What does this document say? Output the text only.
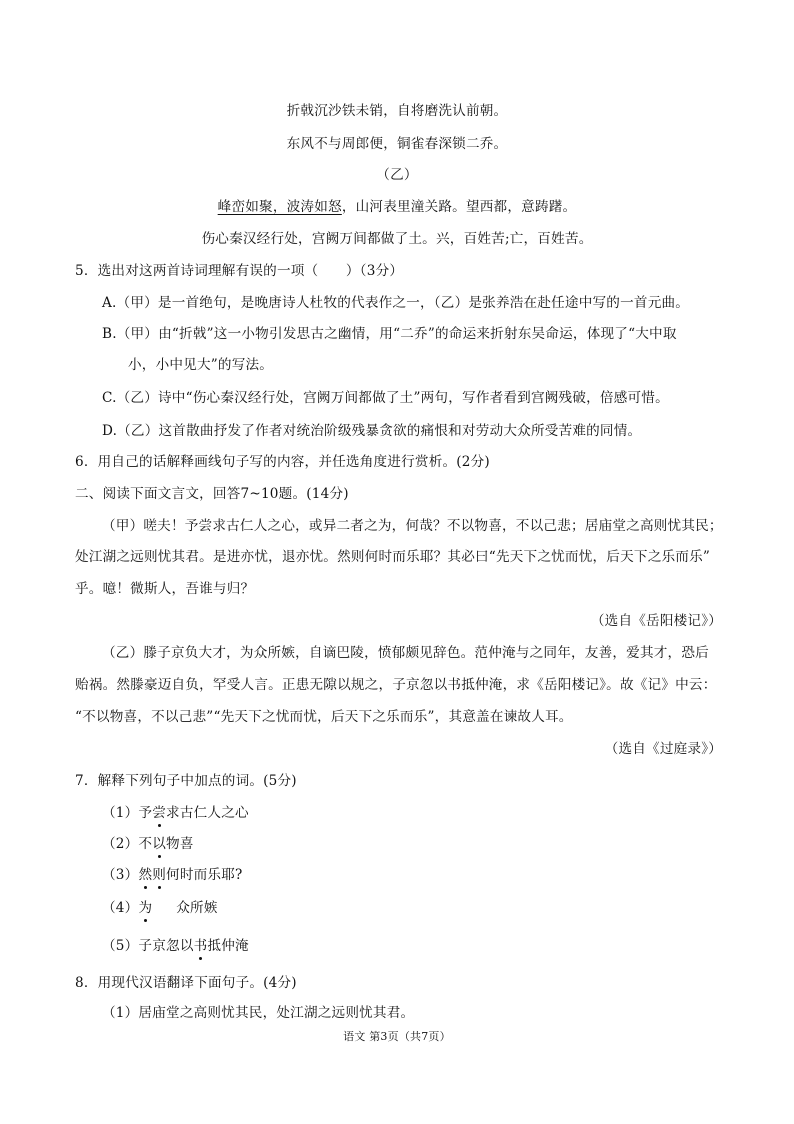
折戟沉沙铁未销，自将磨洗认前朝。
东风不与周郎便，铜雀春深锁二乔。
（乙）
峰峦如聚，波涛如怒，山河表里潼关路。望西都，意踌躇。
伤心秦汉经行处，宫阙万间都做了土。兴，百姓苦;亡，百姓苦。
5．选出对这两首诗词理解有误的一项（　　）（3分）
A.（甲）是一首绝句，是晚唐诗人杜牧的代表作之一，（乙）是张养浩在赴任途中写的一首元曲。
B.（甲）由“折戟”这一小物引发思古之幽情，用“二乔”的命运来折射东吴命运，体现了“大中取
小，小中见大”的写法。
C.（乙）诗中“伤心秦汉经行处，宫阙万间都做了土”两句，写作者看到宫阙残破，倍感可惜。
D.（乙）这首散曲抒发了作者对统治阶级残暴贪欲的痛恨和对劳动大众所受苦难的同情。
6．用自己的话解释画线句子写的内容，并任选角度进行赏析。(2分)
二、阅读下面文言文，回答7~10题。(14分)
（甲）嗟夫！予尝求古仁人之心，或异二者之为，何哉？不以物喜，不以己悲；居庙堂之高则忧其民；
处江湖之远则忧其君。是进亦忧，退亦忧。然则何时而乐耶？其必曰“先天下之忧而忧，后天下之乐而乐”
乎。噫！微斯人，吾谁与归？
（选自《岳阳楼记》）
（乙）滕子京负大才，为众所嫉，自谪巴陵，愤郁颇见辞色。范仲淹与之同年，友善，爱其才，恐后
贻祸。然滕豪迈自负，罕受人言。正患无隙以规之，子京忽以书抵仲淹，求《岳阳楼记》。故《记》中云：
“不以物喜，不以己悲”“先天下之忧而忧，后天下之乐而乐”，其意盖在谏故人耳。
（选自《过庭录》）
7．解释下列句子中加点的词。(5分)
（1）予尝求古仁人之心
（2）不以物喜
（3）然则何时而乐耶?
（4）为 众所嫉
（5）子京忽以书抵仲淹
8．用现代汉语翻译下面句子。(4分)
（1）居庙堂之高则忧其民，处江湖之远则忧其君。
语文 第3页（共7页）
